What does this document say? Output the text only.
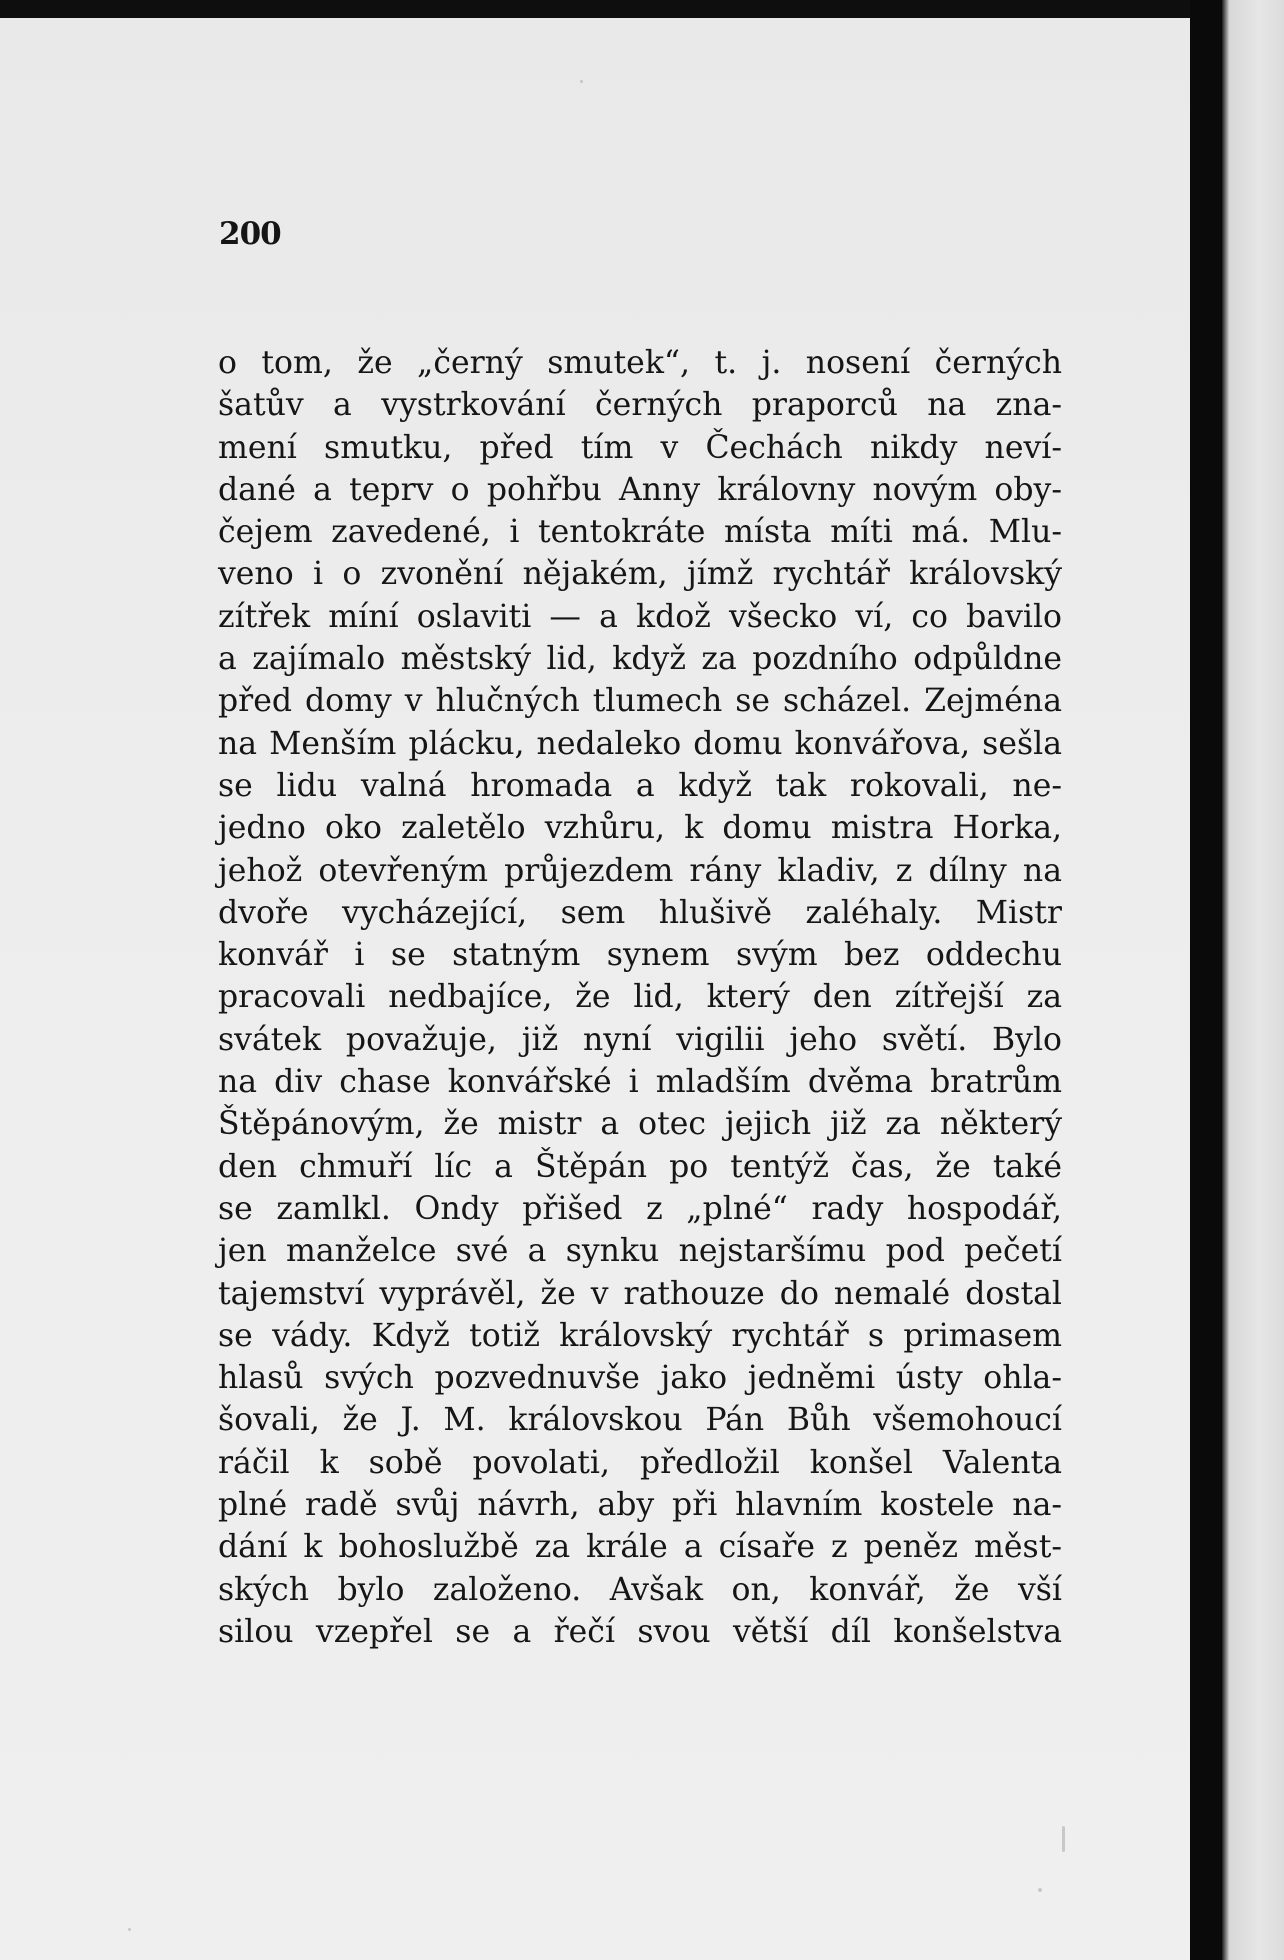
200

o tom, že „černý smutek“, t. j. nosení černých
šatův a vystrkování černých praporců na zna-
mení smutku, před tím v Čechách nikdy neví-
dané a teprv o pohřbu Anny královny novým oby-
čejem zavedené, i tentokráte místa míti má. Mlu-
veno i o zvonění nějakém, jímž rychtář královský
zítřek míní oslaviti — a kdož všecko ví, co bavilo
a zajímalo městský lid, když za pozdního odpůldne
před domy v hlučných tlumech se scházel. Zejména
na Menším plácku, nedaleko domu konvářova, sešla
se lidu valná hromada a když tak rokovali, ne-
jedno oko zaletělo vzhůru, k domu mistra Horka,
jehož otevřeným průjezdem rány kladiv, z dílny na
dvoře vycházející, sem hlušivě zaléhaly. Mistr
konvář i se statným synem svým bez oddechu
pracovali nedbajíce, že lid, který den zítřejší za
svátek považuje, již nyní vigilii jeho světí. Bylo
na div chase konvářské i mladším dvěma bratrům
Štěpánovým, že mistr a otec jejich již za některý
den chmuří líc a Štěpán po tentýž čas, že také
se zamlkl. Ondy přišed z „plné“ rady hospodář,
jen manželce své a synku nejstaršímu pod pečetí
tajemství vyprávěl, že v rathouze do nemalé dostal
se vády. Když totiž královský rychtář s primasem
hlasů svých pozvednuvše jako jedněmi ústy ohla-
šovali, že J. M. královskou Pán Bůh všemohoucí
ráčil k sobě povolati, předložil konšel Valenta
plné radě svůj návrh, aby při hlavním kostele na-
dání k bohoslužbě za krále a císaře z peněz měst-
ských bylo založeno. Avšak on, konvář, že vší
silou vzepřel se a řečí svou větší díl konšelstva
